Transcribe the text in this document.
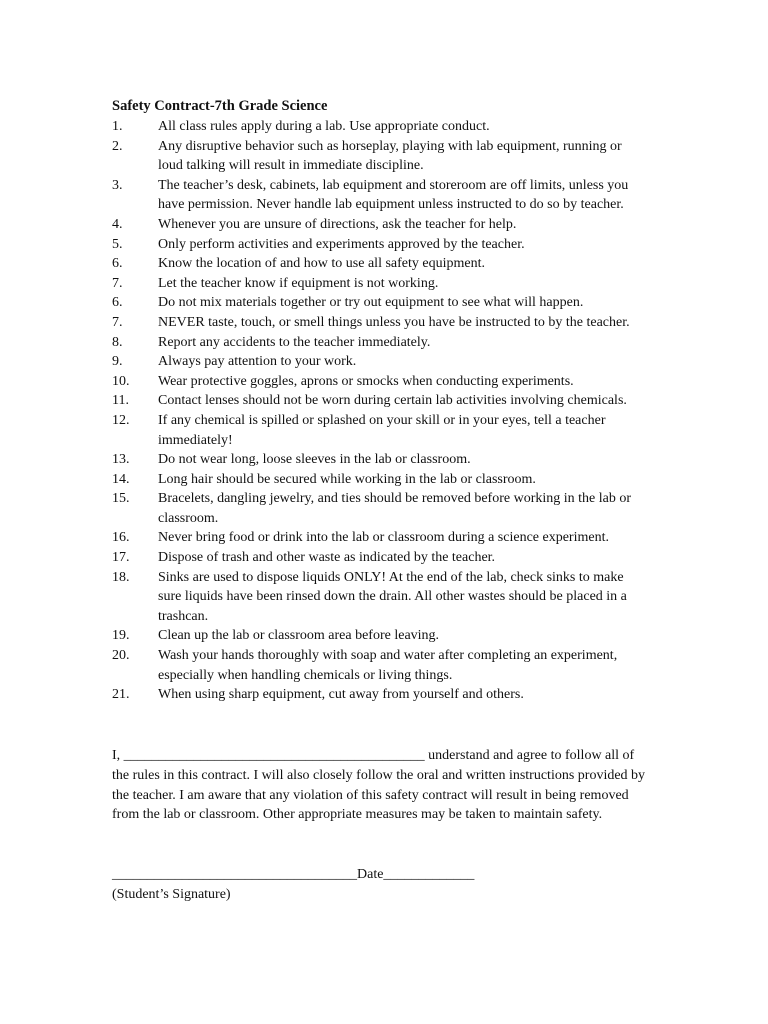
Safety Contract-7th Grade Science
1.	All class rules apply during a lab. Use appropriate conduct.
2.	Any disruptive behavior such as horseplay, playing with lab equipment, running or loud talking will result in immediate discipline.
3.	The teacher’s desk, cabinets, lab equipment and storeroom are off limits, unless you have permission. Never handle lab equipment unless instructed to do so by teacher.
4.	Whenever you are unsure of directions, ask the teacher for help.
5.	Only perform activities and experiments approved by the teacher.
6.	Know the location of and how to use all safety equipment.
7.	Let the teacher know if equipment is not working.
6.	Do not mix materials together or try out equipment to see what will happen.
7.	NEVER taste, touch, or smell things unless you have be instructed to by the teacher.
8.	Report any accidents to the teacher immediately.
9.	Always pay attention to your work.
10.	Wear protective goggles, aprons or smocks when conducting experiments.
11.	Contact lenses should not be worn during certain lab activities involving chemicals.
12.	If any chemical is spilled or splashed on your skill or in your eyes, tell a teacher immediately!
13.	Do not wear long, loose sleeves in the lab or classroom.
14.	Long hair should be secured while working in the lab or classroom.
15.	Bracelets, dangling jewelry, and ties should be removed before working in the lab or classroom.
16.	Never bring food or drink into the lab or classroom during a science experiment.
17.	Dispose of trash and other waste as indicated by the teacher.
18.	Sinks are used to dispose liquids ONLY! At the end of the lab, check sinks to make sure liquids have been rinsed down the drain. All other wastes should be placed in a trashcan.
19.	Clean up the lab or classroom area before leaving.
20.	Wash your hands thoroughly with soap and water after completing an experiment, especially when handling chemicals or living things.
21.	When using sharp equipment, cut away from yourself and others.

I, ___________________________________________ understand and agree to follow all of the rules in this contract. I will also closely follow the oral and written instructions provided by the teacher. I am aware that any violation of this safety contract will result in being removed from the lab or classroom. Other appropriate measures may be taken to maintain safety.

___________________________________Date_____________
(Student’s Signature)
